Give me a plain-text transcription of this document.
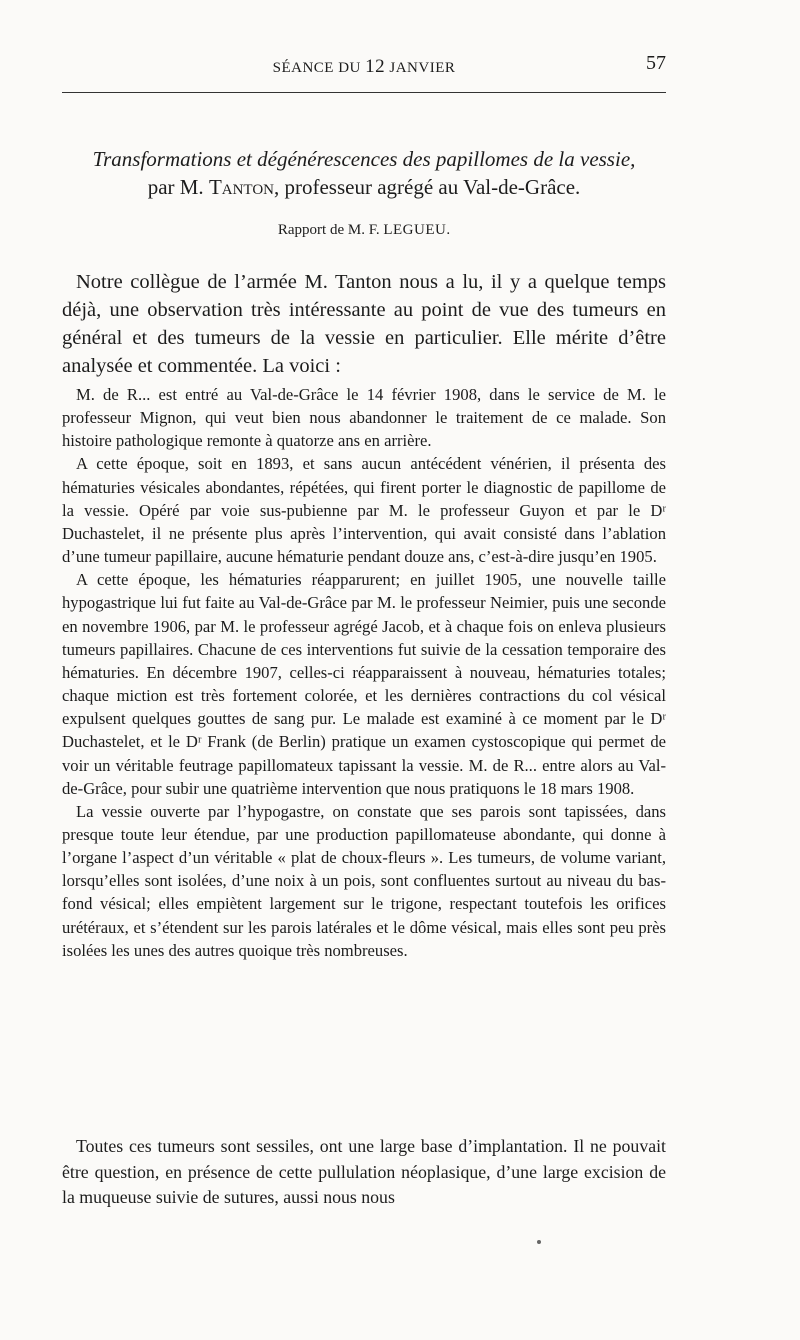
SÉANCE DU 12 JANVIER	57
Transformations et dégénérescences des papillomes de la vessie,
par M. Tanton, professeur agrégé au Val-de-Grâce.
Rapport de M. F. LEGUEU.

Notre collègue de l’armée M. Tanton nous a lu, il y a quelque temps déjà, une observation très intéressante au point de vue des tumeurs en général et des tumeurs de la vessie en particulier. Elle mérite d’être analysée et commentée. La voici :

M. de R... est entré au Val-de-Grâce le 14 février 1908, dans le service de M. le professeur Mignon, qui veut bien nous abandonner le traitement de ce malade. Son histoire pathologique remonte à quatorze ans en arrière.

A cette époque, soit en 1893, et sans aucun antécédent vénérien, il présenta des hématuries vésicales abondantes, répétées, qui firent porter le diagnostic de papillome de la vessie. Opéré par voie sus-pubienne par M. le professeur Guyon et par le Dʳ Duchastelet, il ne présente plus après l’intervention, qui avait consisté dans l’ablation d’une tumeur papillaire, aucune hématurie pendant douze ans, c’est-à-dire jusqu’en 1905.

A cette époque, les hématuries réapparurent; en juillet 1905, une nouvelle taille hypogastrique lui fut faite au Val-de-Grâce par M. le professeur Neimier, puis une seconde en novembre 1906, par M. le professeur agrégé Jacob, et à chaque fois on enleva plusieurs tumeurs papillaires. Chacune de ces interventions fut suivie de la cessation temporaire des hématuries. En décembre 1907, celles-ci réapparaissent à nouveau, hématuries totales; chaque miction est très fortement colorée, et les dernières contractions du col vésical expulsent quelques gouttes de sang pur. Le malade est examiné à ce moment par le Dʳ Duchastelet, et le Dʳ Frank (de Berlin) pratique un examen cystoscopique qui permet de voir un véritable feutrage papillomateux tapissant la vessie. M. de R... entre alors au Val-de-Grâce, pour subir une quatrième intervention que nous pratiquons le 18 mars 1908.

La vessie ouverte par l’hypogastre, on constate que ses parois sont tapissées, dans presque toute leur étendue, par une production papillomateuse abondante, qui donne à l’organe l’aspect d’un véritable « plat de choux-fleurs ». Les tumeurs, de volume variant, lorsqu’elles sont isolées, d’une noix à un pois, sont confluentes surtout au niveau du bas-fond vésical; elles empiètent largement sur le trigone, respectant toutefois les orifices urétéraux, et s’étendent sur les parois latérales et le dôme vésical, mais elles sont peu près isolées les unes des autres quoique très nombreuses.

Toutes ces tumeurs sont sessiles, ont une large base d’implantation. Il ne pouvait être question, en présence de cette pullulation néoplasique, d’une large excision de la muqueuse suivie de sutures, aussi nous nous
